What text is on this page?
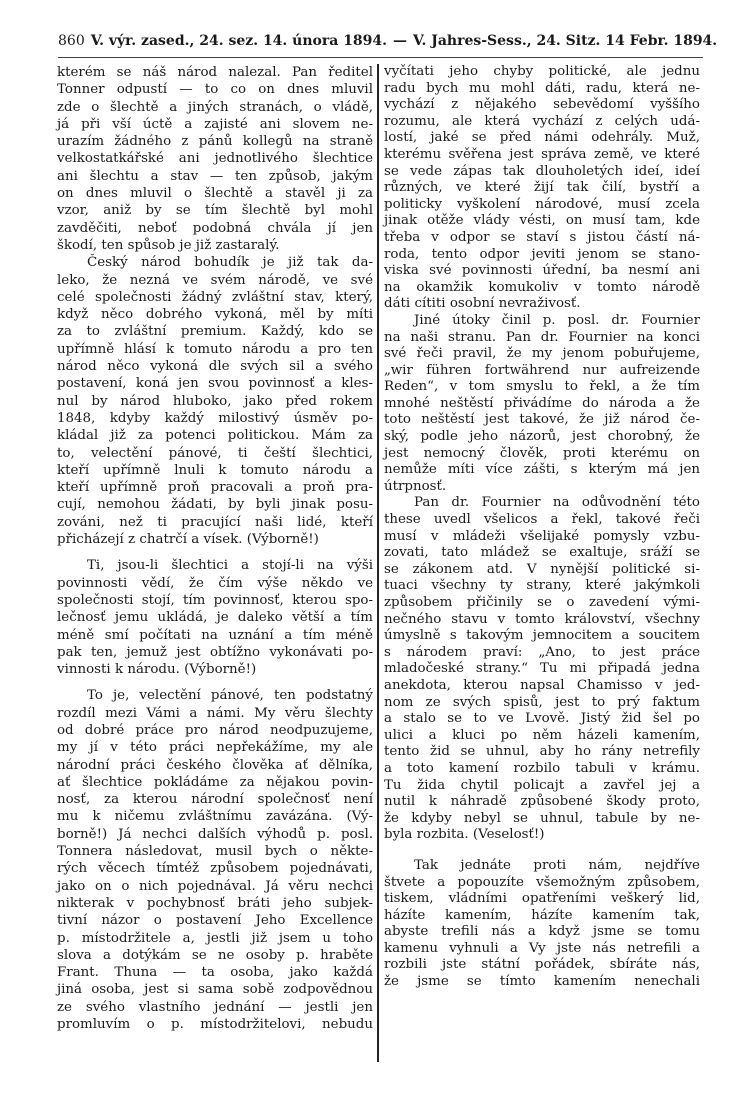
860 V. výr. zased., 24. sez. 14. února 1894. — V. Jahres-Sess., 24. Sitz. 14 Febr. 1894.
kterém se náš národ nalezal. Pan ředitel
Tonner odpustí — to co on dnes mluvil
zde o šlechtě a jiných stranách, o vládě,
já při vší úctě a zajisté ani slovem ne-
urazím žádného z pánů kollegů na straně
velkostatkářské ani jednotlivého šlechtice
ani šlechtu a stav — ten způsob, jakým
on dnes mluvil o šlechtě a stavěl ji za
vzor, aniž by se tím šlechtě byl mohl
zavděčiti, neboť podobná chvála jí jen
škodí, ten spůsob je již zastaralý.
Český národ bohudík je již tak da-
leko, že nezná ve svém národě, ve své
celé společnosti žádný zvláštní stav, který,
když něco dobrého vykoná, měl by míti
za to zvláštní premium. Každý, kdo se
upřímně hlásí k tomuto národu a pro ten
národ něco vykoná dle svých sil a svého
postavení, koná jen svou povinnosť a kles-
nul by národ hluboko, jako před rokem
1848, kdyby každý milostivý úsměv po-
kládal již za potenci politickou. Mám za
to, velectění pánové, ti čeští šlechtici,
kteří upřímně lnuli k tomuto národu a
kteří upřímně proň pracovali a proň pra-
cují, nemohou žádati, by byli jinak posu-
zováni, než ti pracující naši lidé, kteří
přicházejí z chatrčí a vísek. (Výborně!)
Ti, jsou-li šlechtici a stojí-li na výši
povinnosti vědí, že čím výše někdo ve
společnosti stojí, tím povinnosť, kterou spo-
lečnosť jemu ukládá, je daleko větší a tím
méně smí počítati na uznání a tím méně
pak ten, jemuž jest obtížno vykonávati po-
vinnosti k národu. (Výborně!)
To je, velectění pánové, ten podstatný
rozdíl mezi Vámi a námi. My věru šlechty
od dobré práce pro národ neodpuzujeme,
my jí v této práci nepřekážíme, my ale
národní práci českého člověka ať dělníka,
ať šlechtice pokládáme za nějakou povin-
nosť, za kterou národní společnosť není
mu k ničemu zvláštnímu zavázána. (Vý-
borně!) Já nechci dalších výhodů p. posl.
Tonnera následovat, musil bych o někte-
rých věcech tímtéž způsobem pojednávati,
jako on o nich pojednával. Já věru nechci
nikterak v pochybnosť bráti jeho subjek-
tivní názor o postavení Jeho Excellence
p. místodržitele a, jestli již jsem u toho
slova a dotýkám se ne osoby p. hraběte
Frant. Thuna — ta osoba, jako každá
jiná osoba, jest si sama sobě zodpovědnou
ze svého vlastního jednání — jestli jen
promluvím o p. místodržitelovi, nebudu
vyčítati jeho chyby politické, ale jednu
radu bych mu mohl dáti, radu, která ne-
vychází z nějakého sebevědomí vyššího
rozumu, ale která vychází z celých udá-
lostí, jaké se před námi odehrály. Muž,
kterému svěřena jest správa země, ve které
se vede zápas tak dlouholetých ideí, ideí
různých, ve které žijí tak čilí, bystří a
politicky vyškolení národové, musí zcela
jinak otěže vlády vésti, on musí tam, kde
třeba v odpor se staví s jistou částí ná-
roda, tento odpor jeviti jenom se stano-
viska své povinnosti úřední, ba nesmí ani
na okamžik komukoliv v tomto národě
dáti cítiti osobní nevraživosť.
Jiné útoky činil p. posl. dr. Fournier
na naši stranu. Pan dr. Fournier na konci
své řeči pravil, že my jenom pobuřujeme,
„wir führen fortwährend nur aufreizende
Reden“, v tom smyslu to řekl, a že tím
mnohé neštěstí přivádíme do národa a že
toto neštěstí jest takové, že již národ če-
ský, podle jeho názorů, jest chorobný, že
jest nemocný člověk, proti kterému on
nemůže míti více zášti, s kterým má jen
útrpnosť.
Pan dr. Fournier na odůvodnění této
these uvedl všelicos a řekl, takové řeči
musí v mládeži všelijaké pomysly vzbu-
zovati, tato mládež se exaltuje, sráží se
se zákonem atd. V nynější politické si-
tuaci všechny ty strany, které jakýmkoli
způsobem přičinily se o zavedení vými-
nečného stavu v tomto království, všechny
úmyslně s takovým jemnocitem a soucitem
s národem praví: „Ano, to jest práce
mladočeské strany.“ Tu mi připadá jedna
anekdota, kterou napsal Chamisso v jed-
nom ze svých spisů, jest to prý faktum
a stalo se to ve Lvově. Jistý žid šel po
ulici a kluci po něm házeli kamením,
tento žid se uhnul, aby ho rány netrefily
a toto kamení rozbilo tabuli v krámu.
Tu žida chytil policajt a zavřel jej a
nutil k náhradě způsobené škody proto,
že kdyby nebyl se uhnul, tabule by ne-
byla rozbita. (Veselosť!)
Tak jednáte proti nám, nejdříve
štvete a popouzíte všemožným způsobem,
tiskem, vládními opatřeními veškerý lid,
házíte kamením, házíte kamením tak,
abyste trefili nás a když jsme se tomu
kamenu vyhnuli a Vy jste nás netrefili a
rozbili jste státní pořádek, sbíráte nás,
že jsme se tímto kamením nenechali
